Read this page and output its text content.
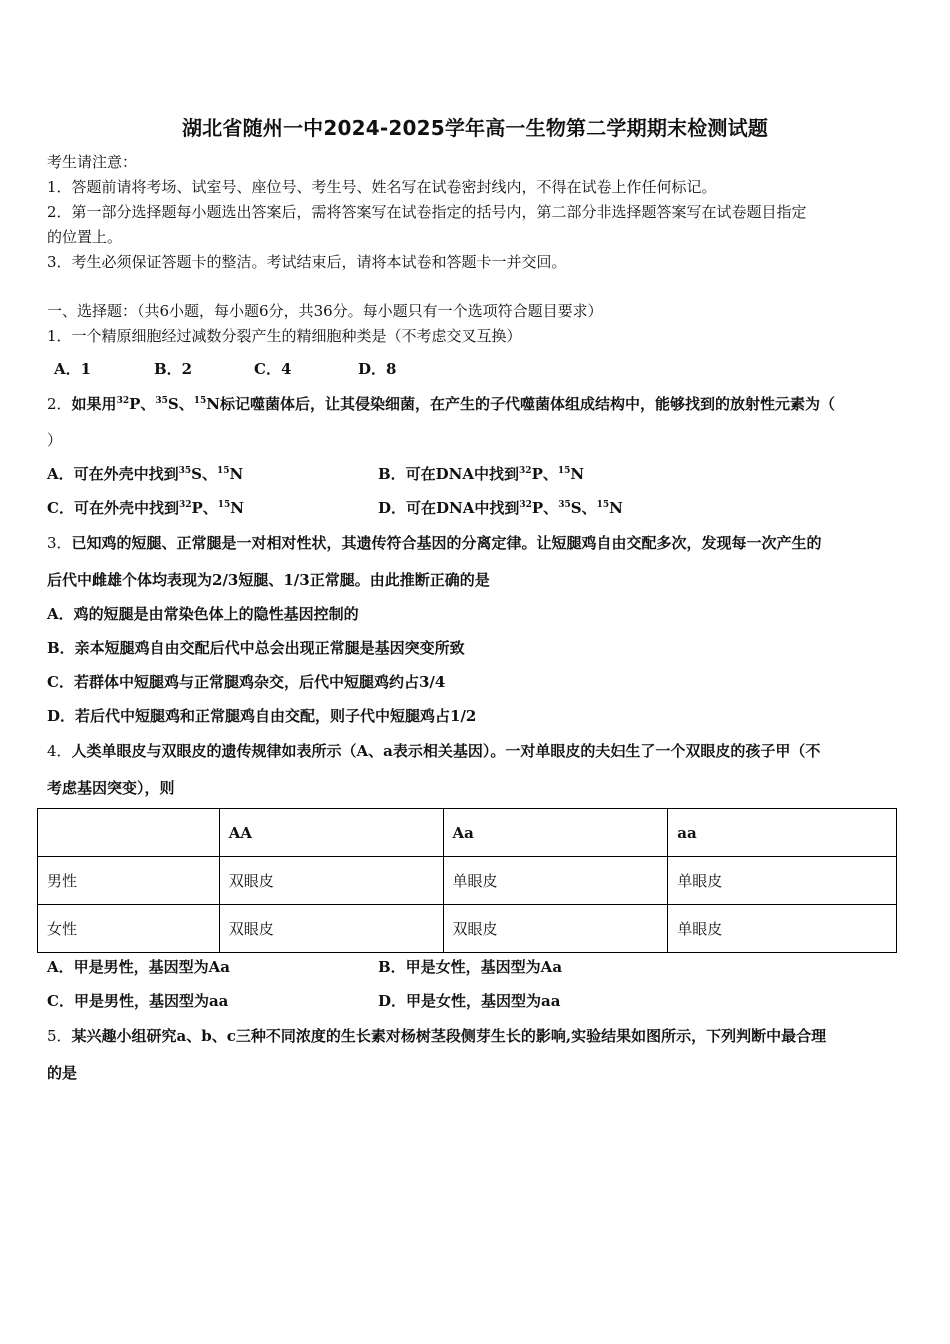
湖北省随州一中2024-2025学年高一生物第二学期期末检测试题
考生请注意：
1．答题前请将考场、试室号、座位号、考生号、姓名写在试卷密封线内，不得在试卷上作任何标记。
2．第一部分选择题每小题选出答案后，需将答案写在试卷指定的括号内，第二部分非选择题答案写在试卷题目指定
的位置上。
3．考生必须保证答题卡的整洁。考试结束后，请将本试卷和答题卡一并交回。
一、选择题：（共6小题，每小题6分，共36分。每小题只有一个选项符合题目要求）
1．一个精原细胞经过减数分裂产生的精细胞种类是（不考虑交叉互换）
A．1	B．2	C．4	D．8
2．如果用$^{32}$P、$^{35}$S、$^{15}$N标记噬菌体后，让其侵染细菌，在产生的子代噬菌体组成结构中，能够找到的放射性元素为（
）
A．可在外壳中找到$^{35}$S、$^{15}$N	B．可在DNA中找到$^{32}$P、$^{15}$N
C．可在外壳中找到$^{32}$P、$^{15}$N	D．可在DNA中找到$^{32}$P、$^{35}$S、$^{15}$N
3．已知鸡的短腿、正常腿是一对相对性状，其遗传符合基因的分离定律。让短腿鸡自由交配多次，发现每一次产生的
后代中雌雄个体均表现为2/3短腿、1/3正常腿。由此推断正确的是
A．鸡的短腿是由常染色体上的隐性基因控制的
B．亲本短腿鸡自由交配后代中总会出现正常腿是基因突变所致
C．若群体中短腿鸡与正常腿鸡杂交，后代中短腿鸡约占3/4
D．若后代中短腿鸡和正常腿鸡自由交配，则子代中短腿鸡占1/2
4．人类单眼皮与双眼皮的遗传规律如表所示（A、a表示相关基因）。一对单眼皮的夫妇生了一个双眼皮的孩子甲（不
考虑基因突变），则
	AA	Aa	aa
男性	双眼皮	单眼皮	单眼皮
女性	双眼皮	双眼皮	单眼皮
A．甲是男性，基因型为Aa	B．甲是女性，基因型为Aa
C．甲是男性，基因型为aa	D．甲是女性，基因型为aa
5．某兴趣小组研究a、b、c三种不同浓度的生长素对杨树茎段侧芽生长的影响,实验结果如图所示，下列判断中最合理
的是
